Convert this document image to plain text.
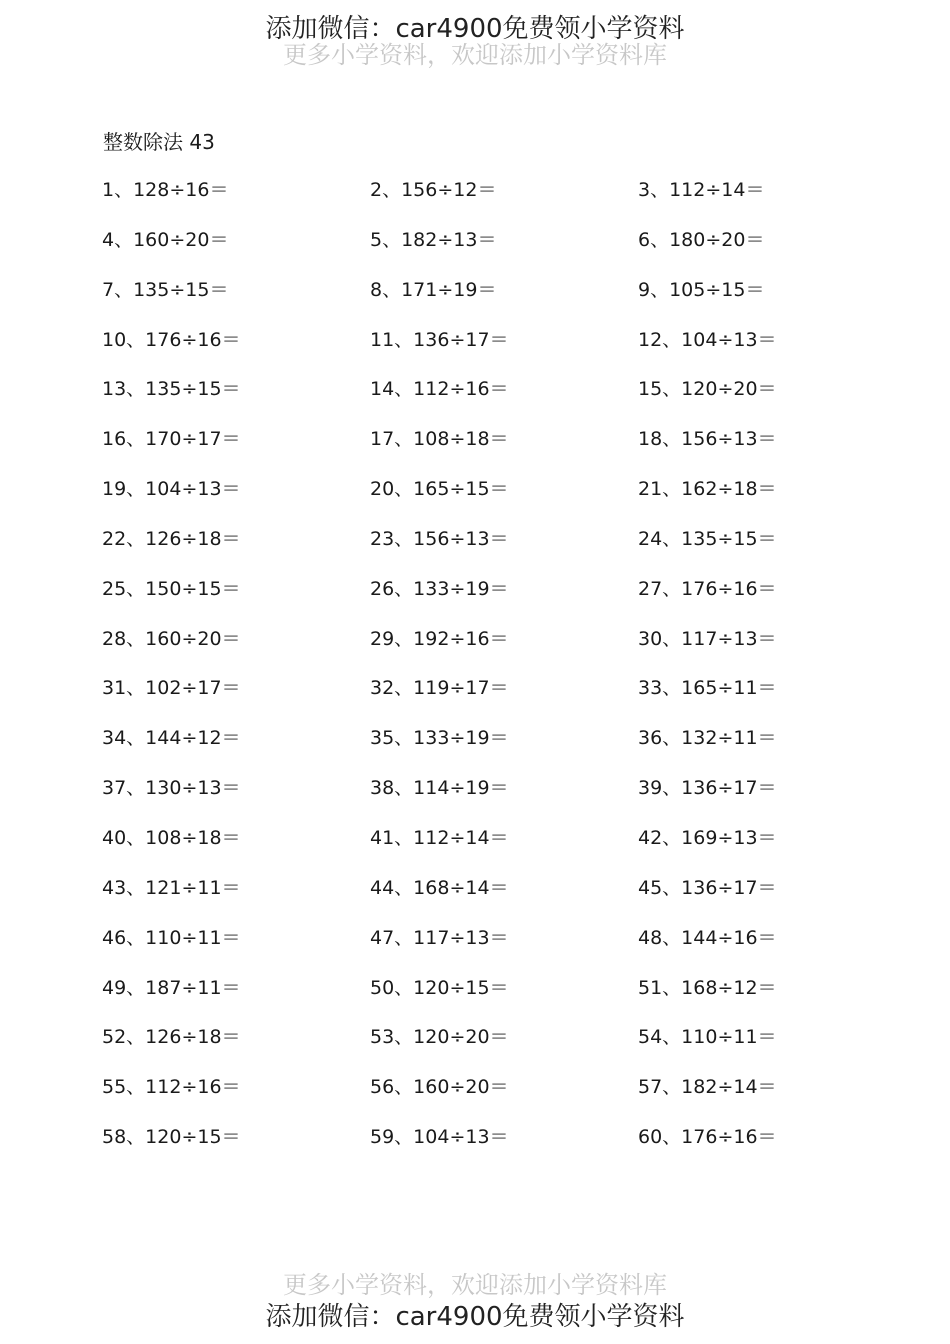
添加微信：car4900免费领小学资料
更多小学资料，欢迎添加小学资料库
整数除法 43
1、128÷16＝	2、156÷12＝	3、112÷14＝
4、160÷20＝	5、182÷13＝	6、180÷20＝
7、135÷15＝	8、171÷19＝	9、105÷15＝
10、176÷16＝	11、136÷17＝	12、104÷13＝
13、135÷15＝	14、112÷16＝	15、120÷20＝
16、170÷17＝	17、108÷18＝	18、156÷13＝
19、104÷13＝	20、165÷15＝	21、162÷18＝
22、126÷18＝	23、156÷13＝	24、135÷15＝
25、150÷15＝	26、133÷19＝	27、176÷16＝
28、160÷20＝	29、192÷16＝	30、117÷13＝
31、102÷17＝	32、119÷17＝	33、165÷11＝
34、144÷12＝	35、133÷19＝	36、132÷11＝
37、130÷13＝	38、114÷19＝	39、136÷17＝
40、108÷18＝	41、112÷14＝	42、169÷13＝
43、121÷11＝	44、168÷14＝	45、136÷17＝
46、110÷11＝	47、117÷13＝	48、144÷16＝
49、187÷11＝	50、120÷15＝	51、168÷12＝
52、126÷18＝	53、120÷20＝	54、110÷11＝
55、112÷16＝	56、160÷20＝	57、182÷14＝
58、120÷15＝	59、104÷13＝	60、176÷16＝
更多小学资料，欢迎添加小学资料库
添加微信：car4900免费领小学资料
